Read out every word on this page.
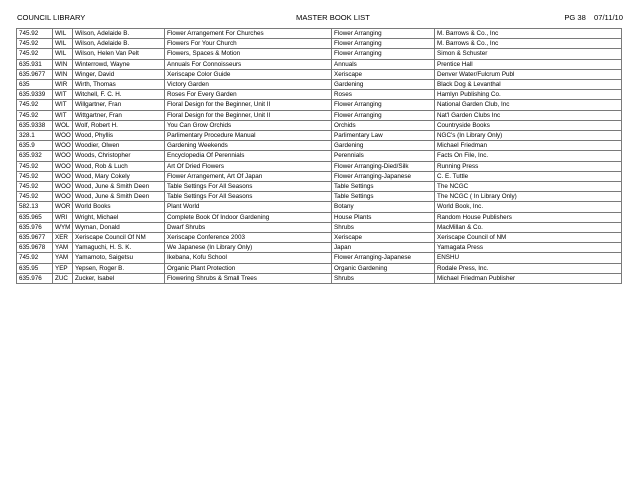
COUNCIL LIBRARY	MASTER BOOK LIST	PG 38 07/11/10
745.92	WIL	Wilson, Adelaide B.	Flower Arrangement For Churches	Flower Arranging	M. Barrows & Co., Inc
745.92	WIL	Wilson, Adelaide B.	Flowers For Your Church	Flower Arranging	M. Barrows & Co., Inc
745.92	WIL	Wilson, Helen Van Pelt	Flowers, Spaces & Motion	Flower Arranging	Simon & Schuster
635.931	WIN	Winterrowd, Wayne	Annuals For Connoisseurs	Annuals	Prentice Hall
635.9677	WIN	Winger, David	Xeriscape Color Guide	Xeriscape	Denver Water/Fulcrum Publ
635	WIR	Wirth, Thomas	Victory Garden	Gardening	Black Dog & Levanthal
635.9339	WIT	Witchell, F. C. H.	Roses For Every Garden	Roses	Hamlyn Publishing Co.
745.92	WIT	Willgartner, Fran	Floral Design for the Beginner, Unit II	Flower Arranging	National Garden Club, Inc
745.92	WIT	Wittgartner, Fran	Floral Design for the Beginner, Unit II	Flower Arranging	Nat'l Garden Clubs Inc
635.9338	WOL	Wolf, Robert H.	You Can Grow Orchids	Orchids	Countryside Books
328.1	WOO	Wood, Phyllis	Parlimentary Procedure Manual	Parlimentary Law	NGC's (In Library Only)
635.9	WOO	Woodier, Olwen	Gardening Weekends	Gardening	Michael Friedman
635.932	WOO	Woods, Christopher	Encyclopedia Of Perennials	Perennials	Facts On File, Inc.
745.92	WOO	Wood, Rob & Luch	Art Of Dried Flowers	Flower Arranging-Died/Silk	Running Press
745.92	WOO	Wood, Mary Cokely	Flower Arrangement, Art Of Japan	Flower Arranging-Japanese	C. E. Tuttle
745.92	WOO	Wood, June & Smith Deen	Table Settings For All Seasons	Table Settings	The NCGC
745.92	WOO	Wood, June & Smith Deen	Table Settings For All Seasons	Table Settings	The NCGC ( In Library Only)
582.13	WOR	World Books	Plant World	Botany	World Book, Inc.
635.965	WRI	Wright, Michael	Complete Book Of Indoor Gardening	House Plants	Random House Publishers
635.976	WYM	Wyman, Donald	Dwarf Shrubs	Shrubs	MacMillan & Co.
635.9677	XER	Xeriscape Council Of NM	Xeriscape Conference 2003	Xeriscape	Xeriscape Council of NM
635.9678	YAM	Yamaguchi, H. S. K.	We Japanese (In Library Only)	Japan	Yamagata Press
745.92	YAM	Yamamoto, Saigetsu	Ikebana, Kofu School	Flower Arranging-Japanese	ENSHU
635.95	YEP	Yepsen, Roger B.	Organic Plant Protection	Organic Gardening	Rodale Press, Inc.
635.976	ZUC	Zucker, Isabel	Flowering Shrubs & Small Trees	Shrubs	Michael Friedman Publisher
